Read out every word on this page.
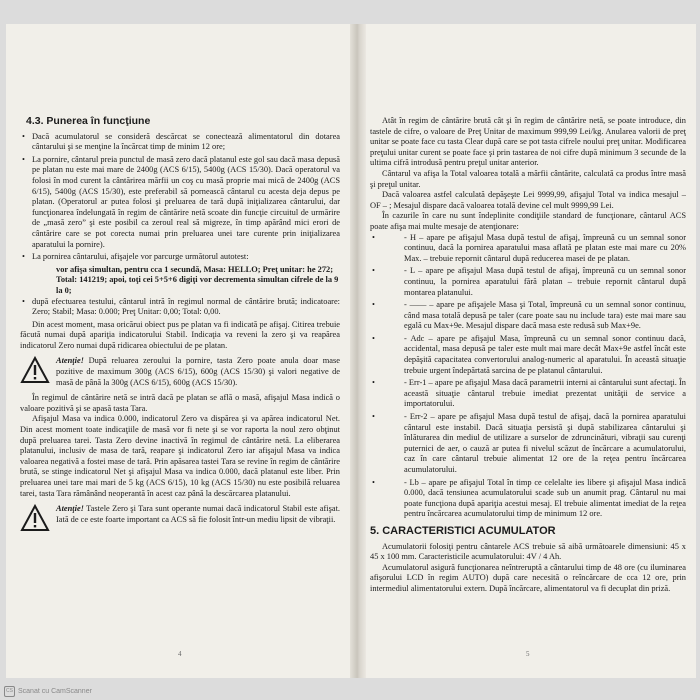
4.3. Punerea în funcţiune
• Dacă acumulatorul se consideră descărcat se conectează alimentatorul din dotarea cântarului şi se menţine la încărcat timp de minim 12 ore;
• La pornire, cântarul preia punctul de masă zero dacă platanul este gol sau dacă masa depusă pe platan nu este mai mare de 2400g (ACS 6/15), 5400g (ACS 15/30). Dacă operatorul va folosi în mod curent la cântărirea mărfii un coş cu masă proprie mai mică de 2400g (ACS 6/15), 5400g (ACS 15/30), este preferabil să pornească cântarul cu acesta deja depus pe platan. (Operatorul ar putea folosi şi preluarea de tară după iniţializarea cântarului, dar funcţionarea îndelungată în regim de cântărire netă scoate din funcţie circuitul de urmărire de „masă zero” şi este posibil ca zeroul real să migreze, în timp apărând mici erori de cântărire care se pot corecta numai prin preluarea unei tare curente prin iniţializarea aparatului la pornire).
• La pornirea cântarului, afişajele vor parcurge următorul autotest:

vor afişa simultan, pentru cca 1 secundă, Masa: HELLO; Preţ unitar: he 272; Total: 141219; apoi, toţi cei 5+5+6 digiţi vor decrementa simultan cifrele de la 9 la 0;

• după efectuarea testului, cântarul intră în regimul normal de cântărire brută; indicatoare: Zero; Stabil; Masa: 0.000; Preţ Unitar: 0,00; Total: 0,00.

Din acest moment, masa oricărui obiect pus pe platan va fi indicată pe afişaj. Citirea trebuie făcută numai după apariţia indicatorului Stabil. Indicaţia va reveni la zero şi va reapărea indicatorul Zero numai după ridicarea obiectului de pe platan.

Atenţie! După reluarea zeroului la pornire, tasta Zero poate anula doar mase pozitive de maximum 300g (ACS 6/15), 600g (ACS 15/30) şi valori negative de masă de până la 300g (ACS 6/15), 600g (ACS 15/30).

În regimul de cântărire netă se intră dacă pe platan se află o masă, afişajul Masa indică o valoare pozitivă şi se apasă tasta Tara.

Afişajul Masa va indica 0.000, indicatorul Zero va dispărea şi va apărea indicatorul Net. Din acest moment toate indicaţiile de masă vor fi nete şi se vor raporta la noul zero obţinut după preluarea tarei. Tasta Zero devine inactivă în regimul de cântărire netă. La eliberarea platanului, inclusiv de masa de tară, reapare şi indicatorul Zero iar afişajul Masa va indica valoarea negativă a fostei mase de tară. Prin apăsarea tastei Tara se revine în regim de cântărire brută, se stinge indicatorul Net şi afişajul Masa va indica 0.000, dacă platanul este liber. Prin preluarea unei tare mai mari de 5 kg (ACS 6/15), 10 kg (ACS 15/30) nu este posibilă reluarea tarei, tasta Tara rămânând neoperantă în acest caz până la descărcarea platanului.

Atenţie! Tastele Zero şi Tara sunt operante numai dacă indicatorul Stabil este afişat. Iată de ce este foarte important ca ACS să fie folosit într-un mediu lipsit de vibraţii.

4

Atât în regim de cântărire brută cât şi în regim de cântărire netă, se poate introduce, din tastele de cifre, o valoare de Preţ Unitar de maximum 999,99 Lei/kg. Anularea valorii de preţ unitar se poate face cu tasta Clear după care se pot tasta cifrele noului preţ unitar. Modificarea preţului unitar curent se poate face şi prin tastarea de noi cifre după minimum 3 secunde de la ultima cifră introdusă pentru preţul unitar anterior.

Cântarul va afişa la Total valoarea totală a mărfii cântărite, calculată ca produs între masă şi preţul unitar.

Dacă valoarea astfel calculată depăşeşte Lei 9999,99, afişajul Total va indica mesajul – OF – ; Mesajul dispare dacă valoarea totală devine cel mult 9999,99 Lei.

În cazurile în care nu sunt îndeplinite condiţiile standard de funcţionare, cântarul ACS poate afişa mai multe mesaje de atenţionare:

• - H – apare pe afişajul Masa după testul de afişaj, împreună cu un semnal sonor continuu, dacă la pornirea aparatului masa aflată pe platan este mai mare cu 20% Max. – trebuie repornit cântarul după reducerea masei de pe platan.
• - L – apare pe afişajul Masa după testul de afişaj, împreună cu un semnal sonor continuu, la pornirea aparatului fără platan – trebuie repornit cântarul după montarea platanului.
• - —— – apare pe afişajele Masa şi Total, împreună cu un semnal sonor continuu, când masa totală depusă pe taler (care poate sau nu include tara) este mai mare sau egală cu Max+9e. Mesajul dispare dacă masa este redusă sub Max+9e.
• - Adc – apare pe afişajul Masa, împreună cu un semnal sonor continuu dacă, accidental, masa depusă pe taler este mult mai mare decât Max+9e astfel încât este depăşită capacitatea convertorului analog-numeric al aparatului. În această situaţie trebuie urgent îndepărtată sarcina de pe platanul cântarului.
• - Err-1 – apare pe afişajul Masa dacă parametrii interni ai cântarului sunt afectaţi. În această situaţie cântarul trebuie imediat prezentat unităţii de service a importatorului.
• - Err-2 – apare pe afişajul Masa după testul de afişaj, dacă la pornirea aparatului cântarul este instabil. Dacă situaţia persistă şi după stabilizarea cântarului şi înlăturarea din mediul de utilizare a surselor de zdruncinături, vibraţii sau curenţi puternici de aer, o cauză ar putea fi nivelul scăzut de încărcare a acumulatorului, caz în care cântarul trebuie alimentat 12 ore de la reţea pentru încărcarea acumulatorului.
• - Lb – apare pe afişajul Total în timp ce celelalte ies libere şi afişajul Masa indică 0.000, dacă tensiunea acumulatorului scade sub un anumit prag. Cântarul nu mai poate funcţiona după apariţia acestui mesaj. El trebuie alimentat imediat de la reţea pentru încărcarea acumulatorului timp de minimum 12 ore.
5. CARACTERISTICI ACUMULATOR

Acumulatorii folosiţi pentru cântarele ACS trebuie să aibă următoarele dimensiuni: 45 x 45 x 100 mm. Caracteristicile acumulatorului: 4V / 4 Ah.

Acumulatorul asigură funcţionarea neîntreruptă a cântarului timp de 48 ore (cu iluminarea afişorului LCD în regim AUTO) după care necesită o reîncărcare de cca 12 ore, prin intermediul alimentatorului extern. După încărcare, alimentatorul va fi decuplat din priză.

5
CS Scanat cu CamScanner
